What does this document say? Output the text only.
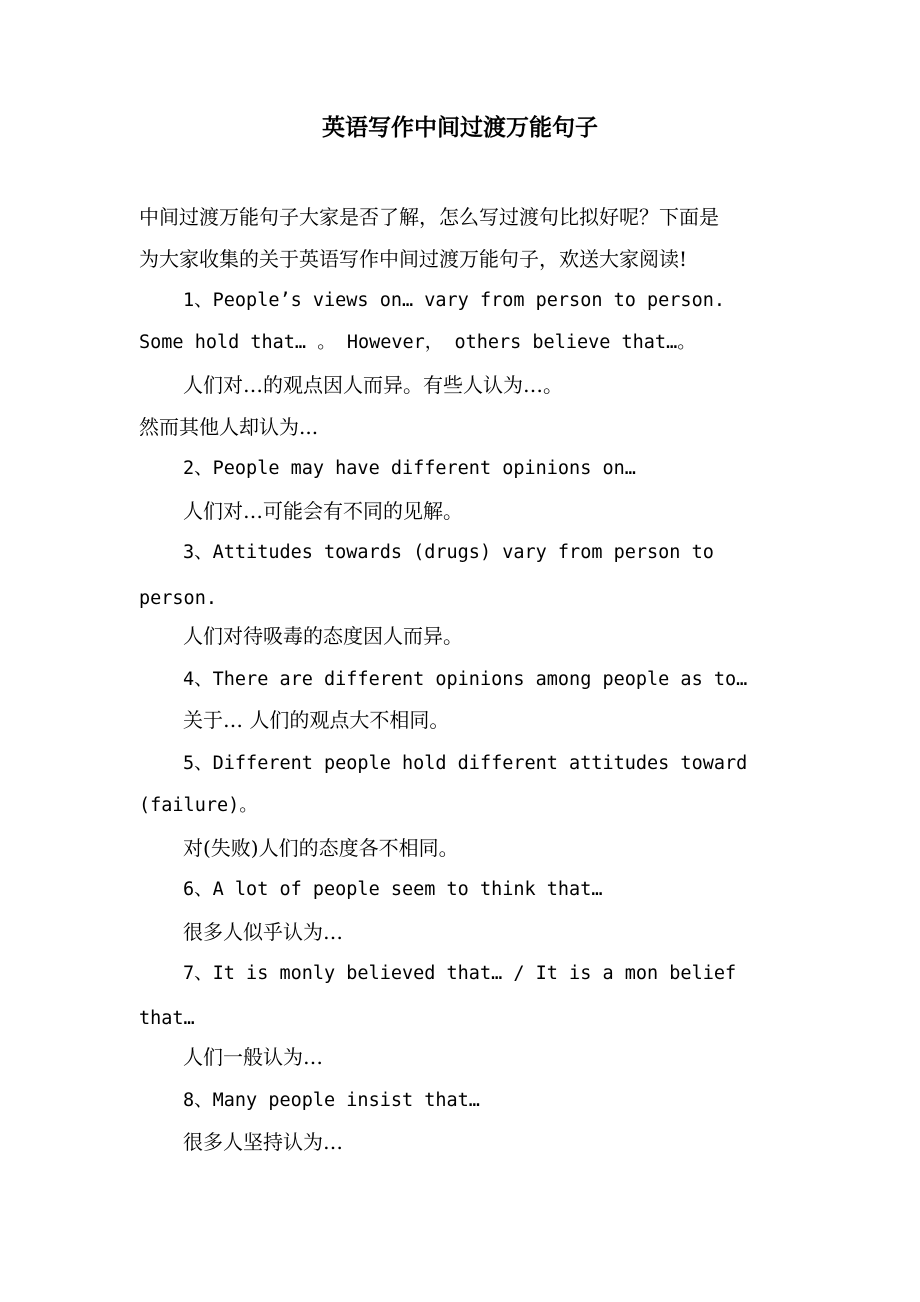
英语写作中间过渡万能句子
中间过渡万能句子大家是否了解，怎么写过渡句比拟好呢？下面是
为大家收集的关于英语写作中间过渡万能句子，欢送大家阅读!
1、People’s views on… vary from person to person.
Some hold that… 。 However， others believe that…。
人们对…的观点因人而异。有些人认为…。
然而其他人却认为...
2、People may have different opinions on…
人们对…可能会有不同的见解。
3、Attitudes towards (drugs) vary from person to
person.
人们对待吸毒的态度因人而异。
4、There are different opinions among people as to…
关于… 人们的观点大不相同。
5、Different people hold different attitudes toward
(failure)。
对(失败)人们的态度各不相同。
6、A lot of people seem to think that…
很多人似乎认为…
7、It is monly believed that… / It is a mon belief
that…
人们一般认为…
8、Many people insist that…
很多人坚持认为…
